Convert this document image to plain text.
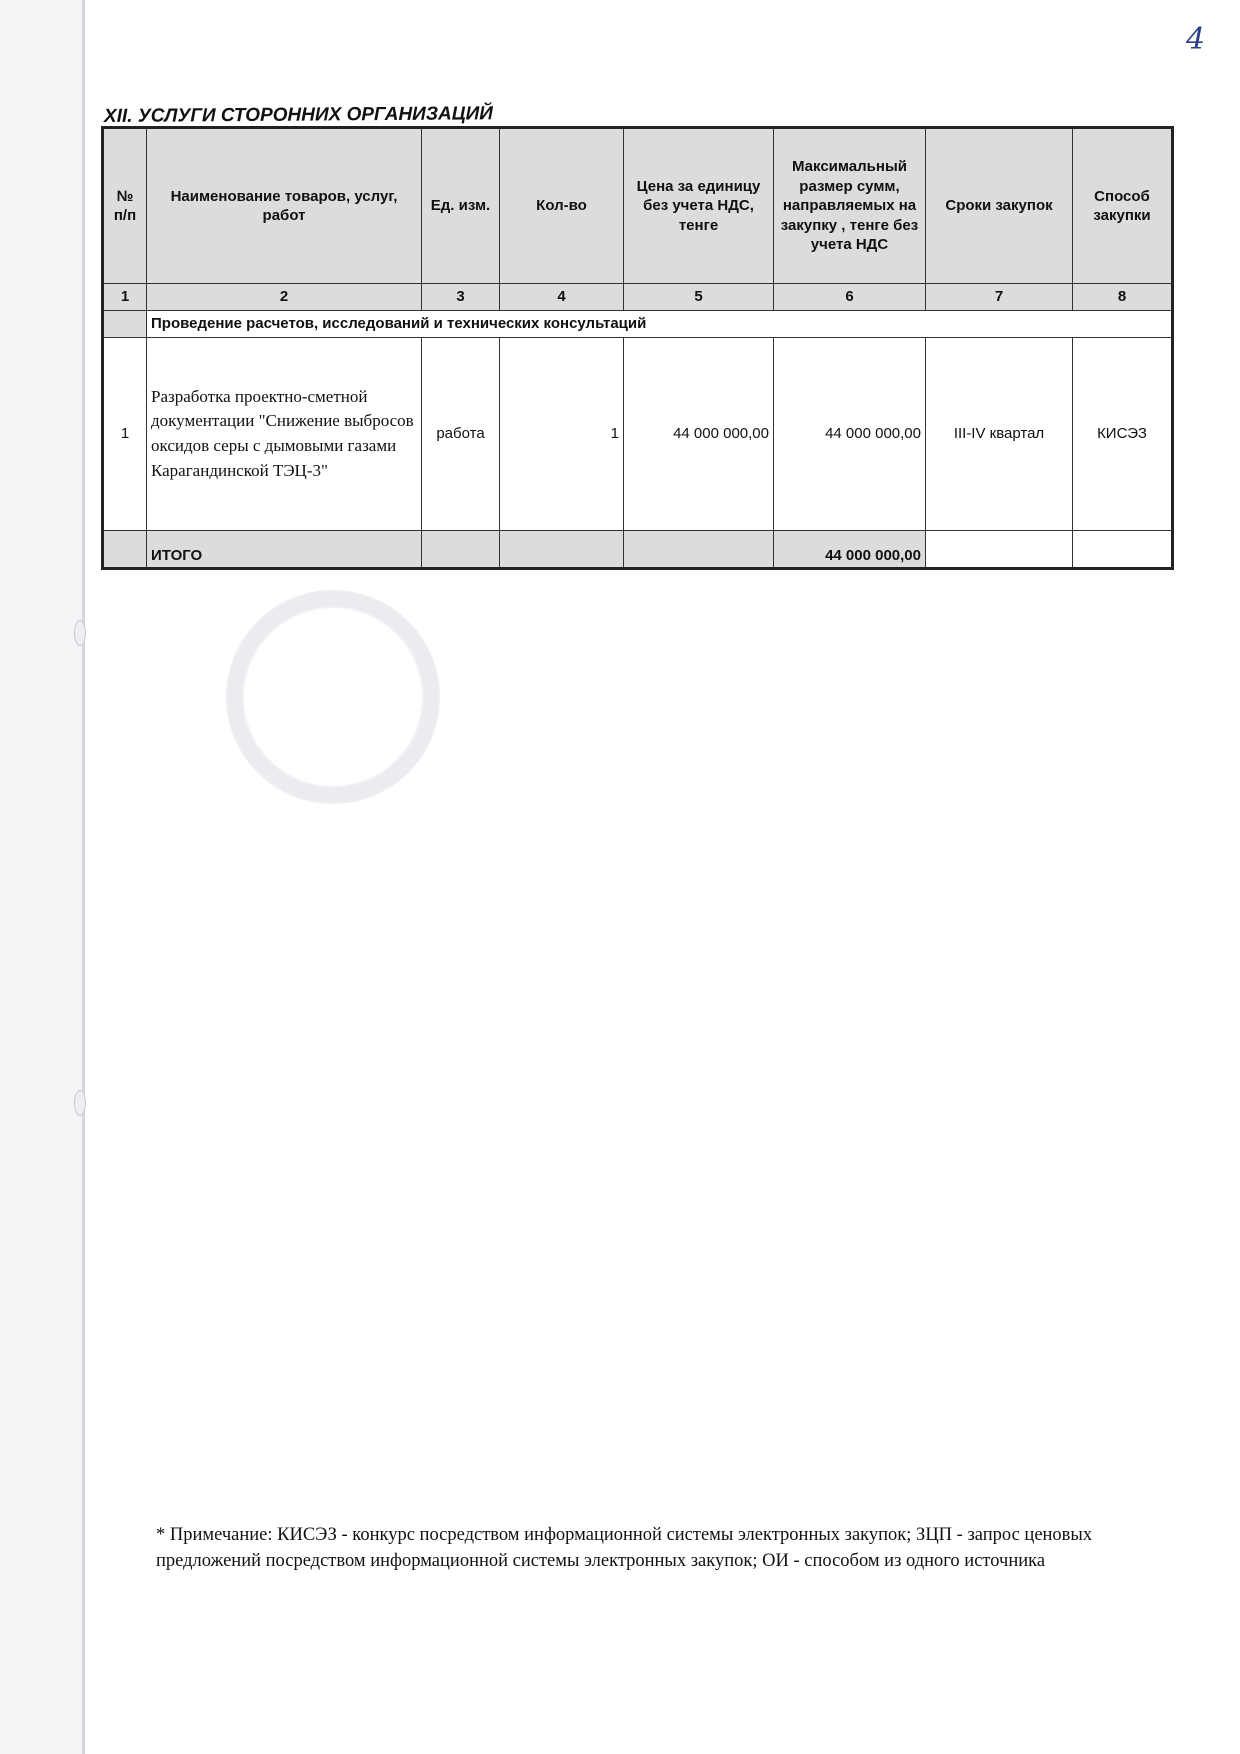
4
XII. УСЛУГИ СТОРОННИХ ОРГАНИЗАЦИЙ
№ п/п	Наименование товаров, услуг, работ	Ед. изм.	Кол-во	Цена за единицу без учета НДС, тенге	Максимальный размер сумм, направляемых на закупку , тенге без учета НДС	Сроки закупок	Способ закупки
1	2	3	4	5	6	7	8
	Проведение расчетов, исследований и технических консультаций						
1	Разработка проектно-сметной документации "Снижение выбросов оксидов серы с дымовыми газами Карагандинской ТЭЦ-3"	работа	1	44 000 000,00	44 000 000,00	III-IV квартал	КИСЭЗ
	ИТОГО				44 000 000,00		

* Примечание: КИСЭЗ - конкурс посредством информационной системы электронных закупок; ЗЦП - запрос ценовых предложений посредством информационной системы электронных закупок; ОИ - способом из одного источника
